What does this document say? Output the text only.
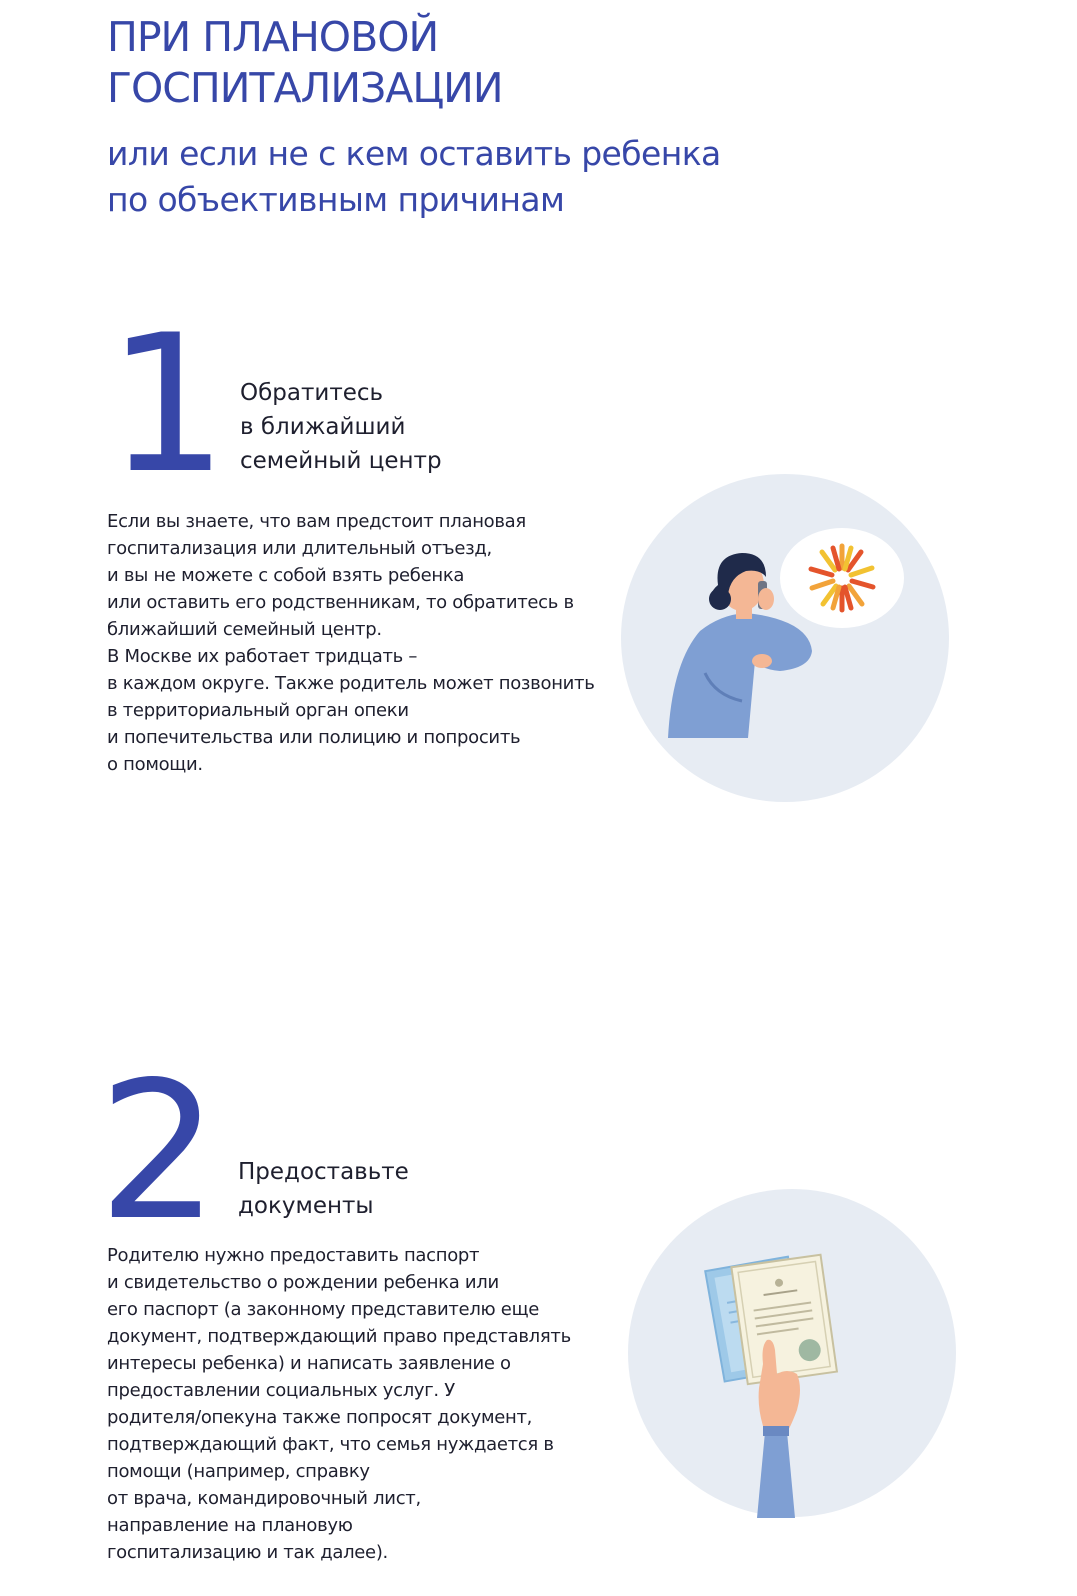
ПРИ ПЛАНОВОЙ
ГОСПИТАЛИЗАЦИИ
или если не с кем оставить ребенка
по объективным причинам
1 Обратитесь
в ближайший
семейный центр

Если вы знаете, что вам предстоит плановая
госпитализация или длительный отъезд,
и вы не можете с собой взять ребенка
или оставить его родственникам, то обратитесь в
ближайший семейный центр.
В Москве их работает тридцать –
в каждом округе. Также родитель может позвонить
в территориальный орган опеки
и попечительства или полицию и попросить
о помощи.

2 Предоставьте
документы

Родителю нужно предоставить паспорт
и свидетельство о рождении ребенка или
его паспорт (а законному представителю еще
документ, подтверждающий право представлять
интересы ребенка) и написать заявление о
предоставлении социальных услуг. У
родителя/опекуна также попросят документ,
подтверждающий факт, что семья нуждается в
помощи (например, справку
от врача, командировочный лист,
направление на плановую
госпитализацию и так далее).
